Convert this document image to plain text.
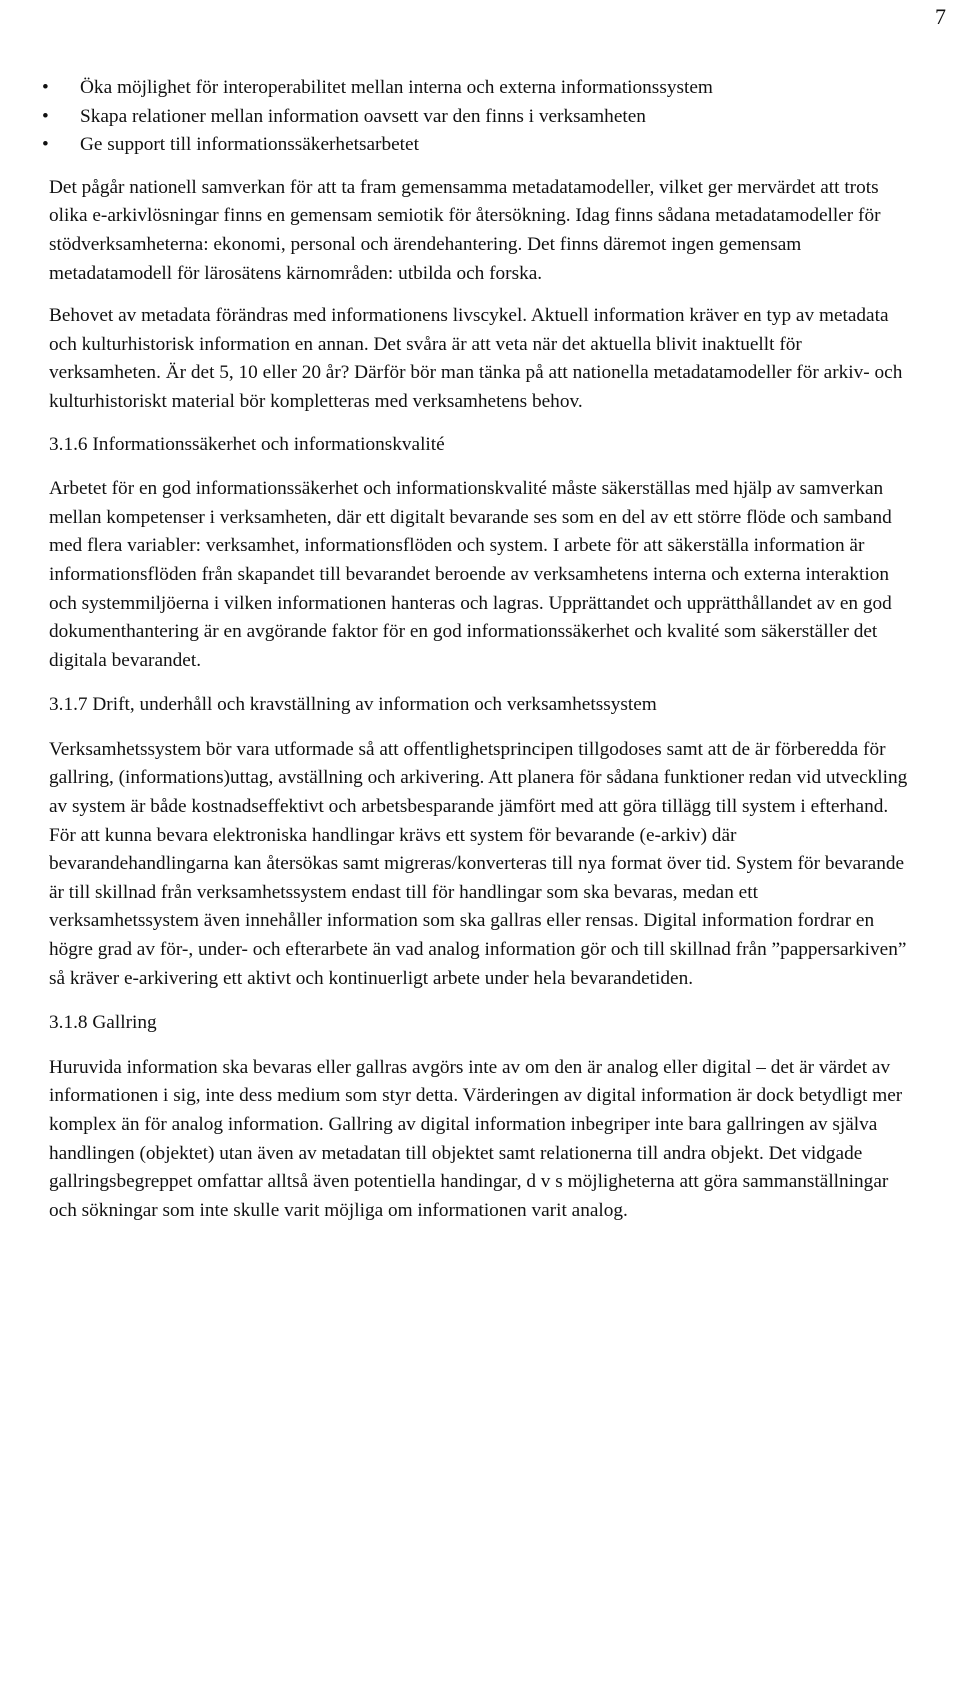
7
• Öka möjlighet för interoperabilitet mellan interna och externa informationssystem
• Skapa relationer mellan information oavsett var den finns i verksamheten
• Ge support till informationssäkerhetsarbetet

Det pågår nationell samverkan för att ta fram gemensamma metadatamodeller, vilket ger mervärdet att trots olika e-arkivlösningar finns en gemensam semiotik för återsökning. Idag finns sådana metadatamodeller för stödverksamheterna: ekonomi, personal och ärendehantering. Det finns däremot ingen gemensam metadatamodell för lärosätens kärnområden: utbilda och forska.

Behovet av metadata förändras med informationens livscykel. Aktuell information kräver en typ av metadata och kulturhistorisk information en annan. Det svåra är att veta när det aktuella blivit inaktuellt för verksamheten. Är det 5, 10 eller 20 år? Därför bör man tänka på att nationella metadatamodeller för arkiv- och kulturhistoriskt material bör kompletteras med verksamhetens behov.

3.1.6 Informationssäkerhet och informationskvalité

Arbetet för en god informationssäkerhet och informationskvalité måste säkerställas med hjälp av samverkan mellan kompetenser i verksamheten, där ett digitalt bevarande ses som en del av ett större flöde och samband med flera variabler: verksamhet, informationsflöden och system. I arbete för att säkerställa information är informationsflöden från skapandet till bevarandet beroende av verksamhetens interna och externa interaktion och systemmiljöerna i vilken informationen hanteras och lagras. Upprättandet och upprätthållandet av en god dokumenthantering är en avgörande faktor för en god informationssäkerhet och kvalité som säkerställer det digitala bevarandet.

3.1.7 Drift, underhåll och kravställning av information och verksamhetssystem

Verksamhetssystem bör vara utformade så att offentlighetsprincipen tillgodoses samt att de är förberedda för gallring, (informations)uttag, avställning och arkivering. Att planera för sådana funktioner redan vid utveckling av system är både kostnadseffektivt och arbetsbesparande jämfört med att göra tillägg till system i efterhand. För att kunna bevara elektroniska handlingar krävs ett system för bevarande (e-arkiv) där bevarandehandlingarna kan återsökas samt migreras/konverteras till nya format över tid. System för bevarande är till skillnad från verksamhetssystem endast till för handlingar som ska bevaras, medan ett verksamhetssystem även innehåller information som ska gallras eller rensas. Digital information fordrar en högre grad av för-, under- och efterarbete än vad analog information gör och till skillnad från ”pappersarkiven” så kräver e-arkivering ett aktivt och kontinuerligt arbete under hela bevarandetiden.

3.1.8 Gallring

Huruvida information ska bevaras eller gallras avgörs inte av om den är analog eller digital – det är värdet av informationen i sig, inte dess medium som styr detta. Värderingen av digital information är dock betydligt mer komplex än för analog information. Gallring av digital information inbegriper inte bara gallringen av själva handlingen (objektet) utan även av metadatan till objektet samt relationerna till andra objekt. Det vidgade gallringsbegreppet omfattar alltså även potentiella handingar, d v s möjligheterna att göra sammanställningar och sökningar som inte skulle varit möjliga om informationen varit analog.
